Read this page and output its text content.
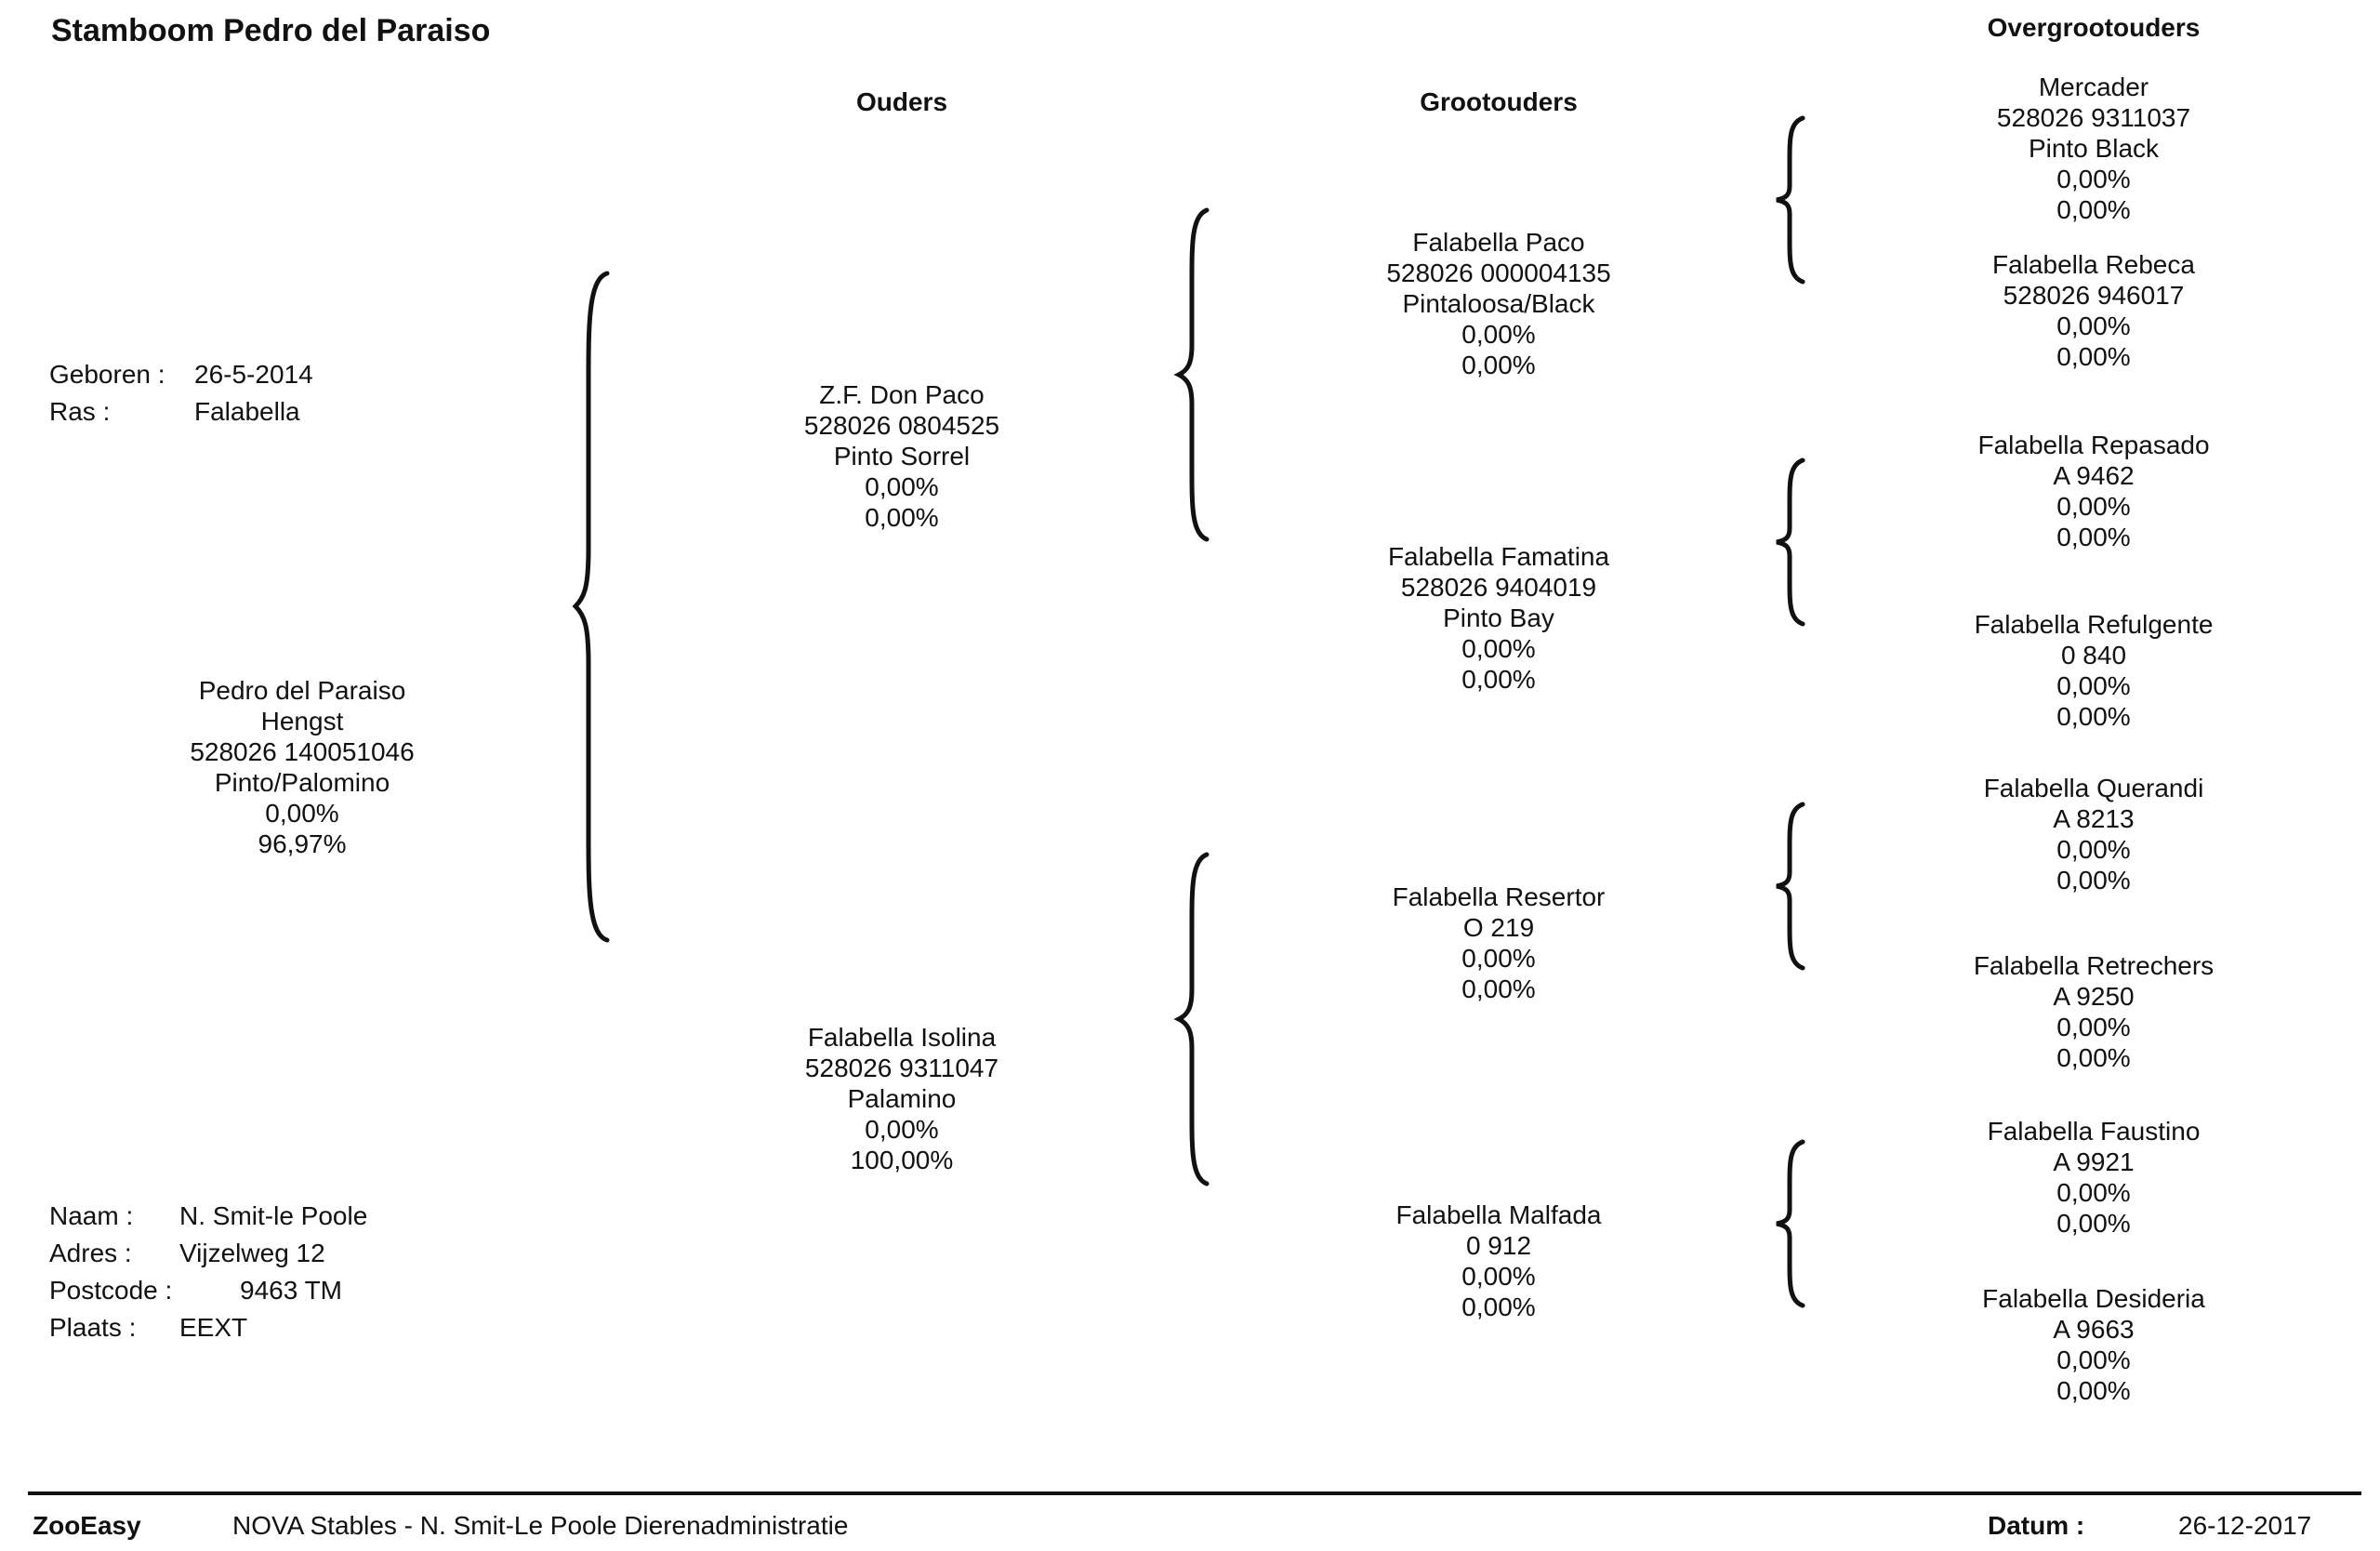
Stamboom Pedro del Paraiso
Ouders	Grootouders
Overgrootouders
Geboren :	26-5-2014
Ras :	Falabella
Pedro del Paraiso
Hengst
528026 140051046
Pinto/Palomino
0,00%
96,97%
Naam :	N. Smit-le Poole
Adres :	Vijzelweg 12
Postcode :	9463 TM
Plaats :	EEXT
Z.F. Don Paco
528026 0804525
Pinto Sorrel
0,00%
0,00%
Falabella Isolina
528026 9311047
Palamino
0,00%
100,00%
Falabella Paco
528026 000004135
Pintaloosa/Black
0,00%
0,00%
Falabella Famatina
528026 9404019
Pinto Bay
0,00%
0,00%
Falabella Resertor
O 219
0,00%
0,00%
Falabella Malfada
0 912
0,00%
0,00%
Mercader
528026 9311037
Pinto Black
0,00%
0,00%
Falabella Rebeca
528026 946017
0,00%
0,00%
Falabella Repasado
A 9462
0,00%
0,00%
Falabella Refulgente
0 840
0,00%
0,00%
Falabella Querandi
A 8213
0,00%
0,00%
Falabella Retrechers
A 9250
0,00%
0,00%
Falabella Faustino
A 9921
0,00%
0,00%
Falabella Desideria
A 9663
0,00%
0,00%
ZooEasy	NOVA Stables - N. Smit-Le Poole Dierenadministratie	Datum :	26-12-2017
